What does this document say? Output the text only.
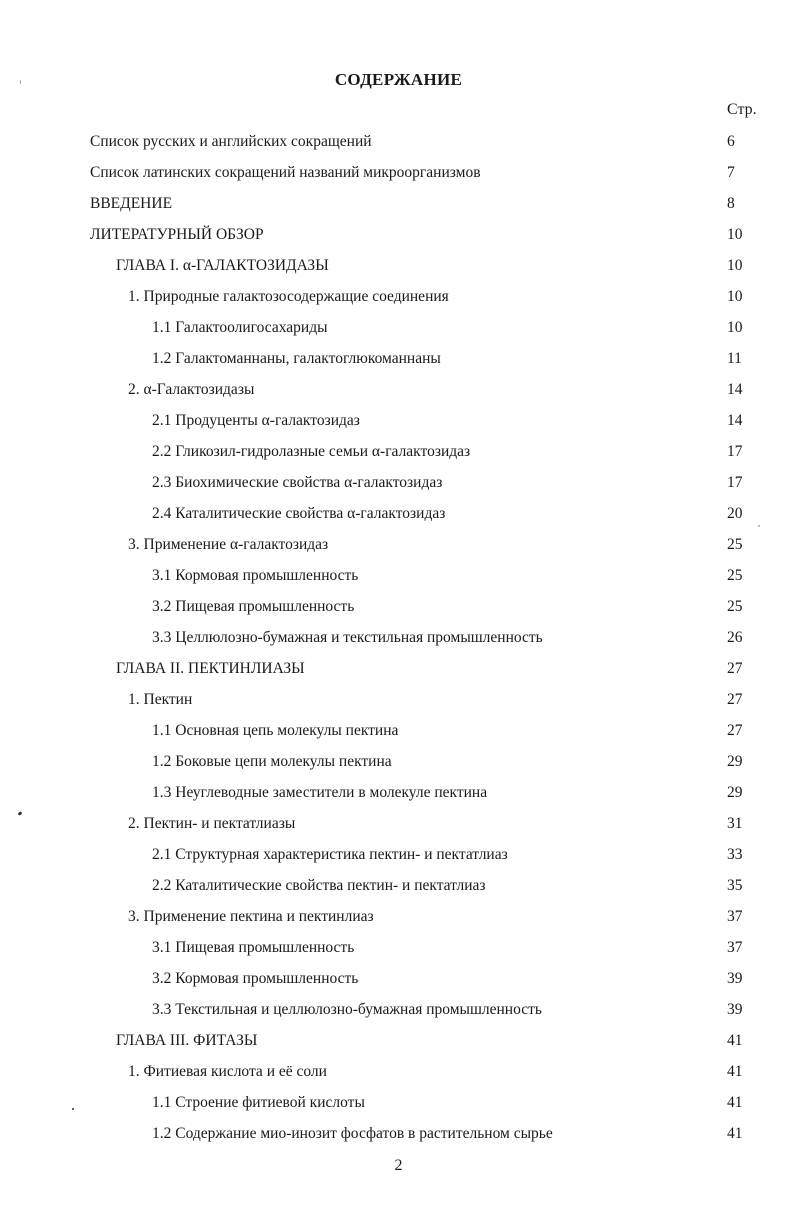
СОДЕРЖАНИЕ
Стр.
Список русских и английских сокращений	6
Список латинских сокращений названий микроорганизмов	7
ВВЕДЕНИЕ	8
ЛИТЕРАТУРНЫЙ ОБЗОР	10
ГЛАВА I. α-ГАЛАКТОЗИДАЗЫ	10
1. Природные галактозосодержащие соединения	10
1.1 Галактоолигосахариды	10
1.2 Галактоманнаны, галактоглюкоманнаны	11
2. α-Галактозидазы	14
2.1 Продуценты α-галактозидаз	14
2.2 Гликозил-гидролазные семьи α-галактозидаз	17
2.3 Биохимические свойства α-галактозидаз	17
2.4 Каталитические свойства α-галактозидаз	20
3. Применение α-галактозидаз	25
3.1 Кормовая промышленность	25
3.2 Пищевая промышленность	25
3.3 Целлюлозно-бумажная и текстильная промышленность	26
ГЛАВА II. ПЕКТИНЛИАЗЫ	27
1. Пектин	27
1.1 Основная цепь молекулы пектина	27
1.2 Боковые цепи молекулы пектина	29
1.3 Неуглеводные заместители в молекуле пектина	29
2. Пектин- и пектатлиазы	31
2.1 Структурная характеристика пектин- и пектатлиаз	33
2.2 Каталитические свойства пектин- и пектатлиаз	35
3. Применение пектина и пектинлиаз	37
3.1 Пищевая промышленность	37
3.2 Кормовая промышленность	39
3.3 Текстильная и целлюлозно-бумажная промышленность	39
ГЛАВА III. ФИТАЗЫ	41
1. Фитиевая кислота и её соли	41
1.1 Строение фитиевой кислоты	41
1.2 Содержание мио-инозит фосфатов в растительном сырье	41
2
